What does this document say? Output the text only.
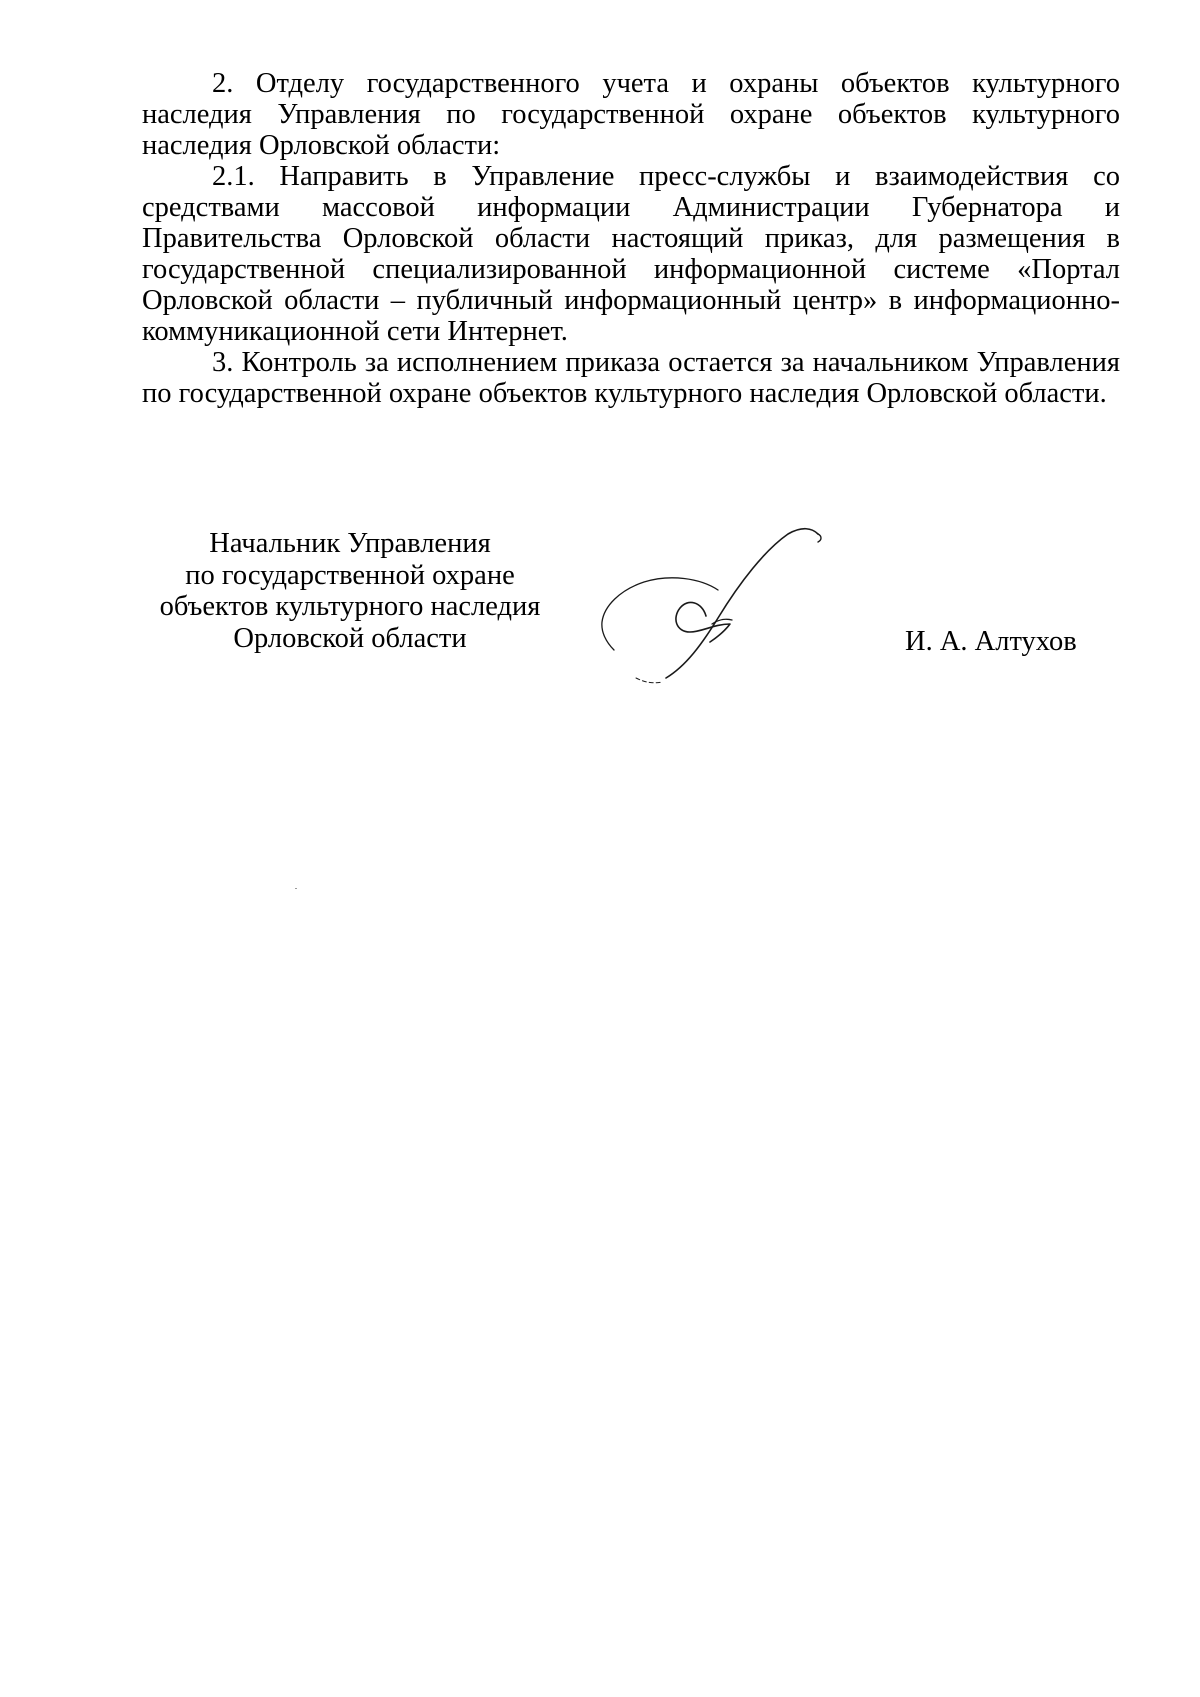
2. Отделу государственного учета и охраны объектов культурного наследия Управления по государственной охране объектов культурного наследия Орловской области:

2.1. Направить в Управление пресс-службы и взаимодействия со средствами массовой информации Администрации Губернатора и Правительства Орловской области настоящий приказ, для размещения в государственной специализированной информационной системе «Портал Орловской области – публичный информационный центр» в информационно-коммуникационной сети Интернет.

3. Контроль за исполнением приказа остается за начальником Управления по государственной охране объектов культурного наследия Орловской области.

Начальник Управления
по государственной охране
объектов культурного наследия
Орловской области	И. А. Алтухов
